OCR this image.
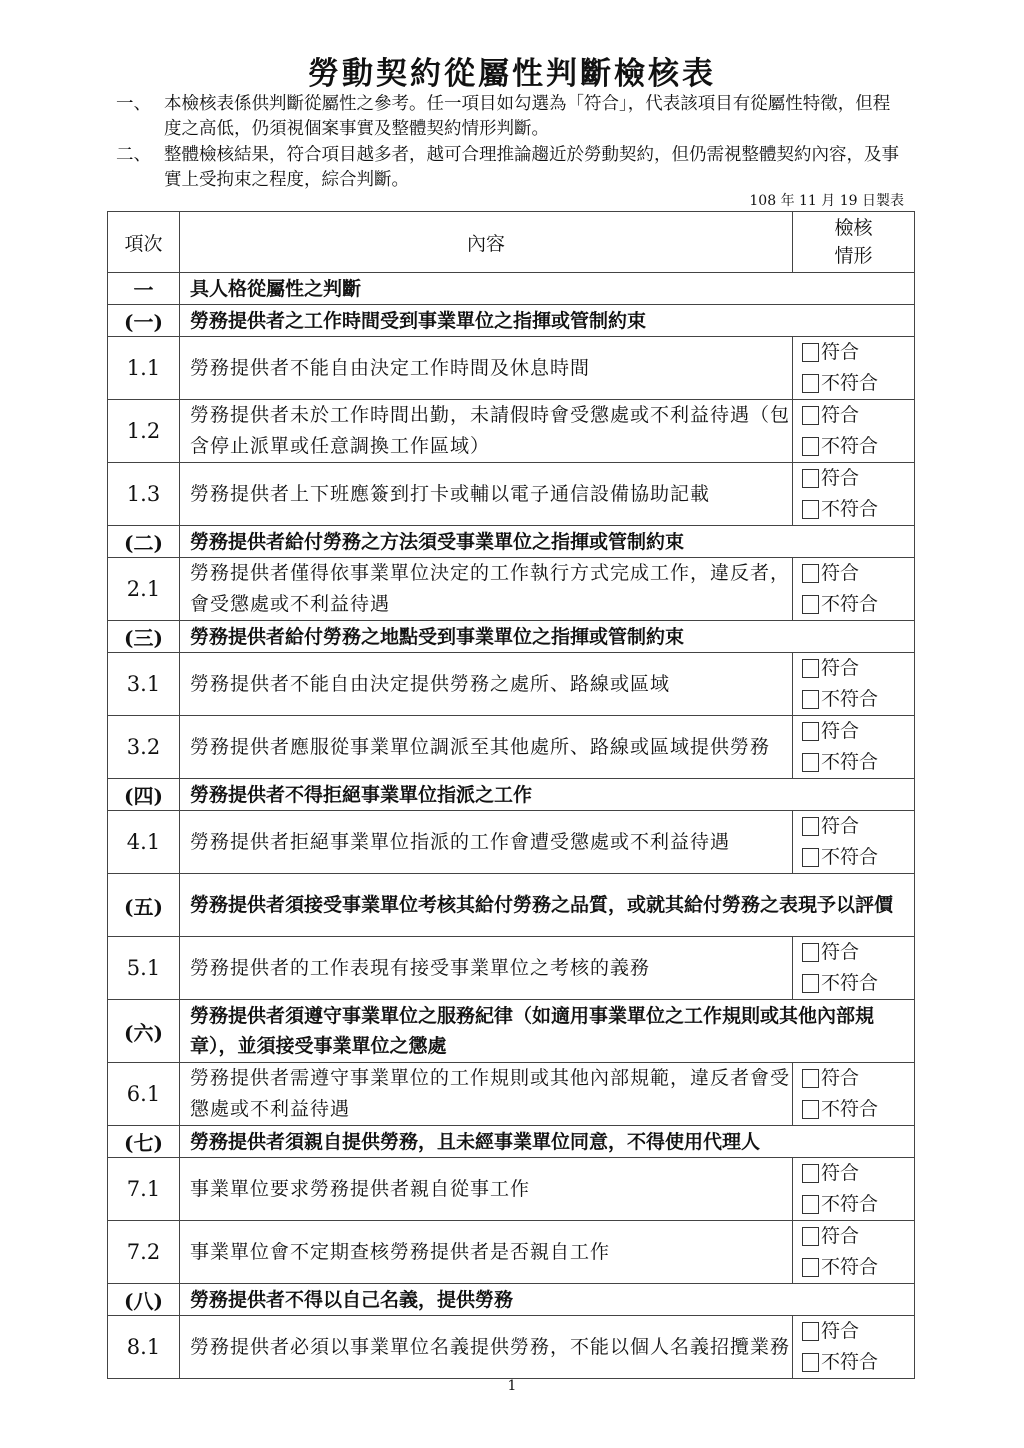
勞動契約從屬性判斷檢核表
一、 本檢核表係供判斷從屬性之參考。任一項目如勾選為「符合」，代表該項目有從屬性特徵，但程度之高低，仍須視個案事實及整體契約情形判斷。
二、 整體檢核結果，符合項目越多者，越可合理推論趨近於勞動契約，但仍需視整體契約內容，及事實上受拘束之程度，綜合判斷。
108 年 11 月 19 日製表
項次	內容	檢核
情形

一	具人格從屬性之判斷	
(一)	勞務提供者之工作時間受到事業單位之指揮或管制約束	
1.1	勞務提供者不能自由決定工作時間及休息時間	符合
不符合

1.2	勞務提供者未於工作時間出勤，未請假時會受懲處或不利益待遇（包含停止派單或任意調換工作區域）	符合
不符合

1.3	勞務提供者上下班應簽到打卡或輔以電子通信設備協助記載	符合
不符合

(二)	勞務提供者給付勞務之方法須受事業單位之指揮或管制約束	
2.1	勞務提供者僅得依事業單位決定的工作執行方式完成工作，違反者，會受懲處或不利益待遇	符合
不符合

(三)	勞務提供者給付勞務之地點受到事業單位之指揮或管制約束	
3.1	勞務提供者不能自由決定提供勞務之處所、路線或區域	符合
不符合

3.2	勞務提供者應服從事業單位調派至其他處所、路線或區域提供勞務	符合
不符合

(四)	勞務提供者不得拒絕事業單位指派之工作	
4.1	勞務提供者拒絕事業單位指派的工作會遭受懲處或不利益待遇	符合
不符合

(五)	勞務提供者須接受事業單位考核其給付勞務之品質，或就其給付勞務之表現予以評價	
5.1	勞務提供者的工作表現有接受事業單位之考核的義務	符合
不符合

(六)	勞務提供者須遵守事業單位之服務紀律（如適用事業單位之工作規則或其他內部規章），並須接受事業單位之懲處	
6.1	勞務提供者需遵守事業單位的工作規則或其他內部規範，違反者會受懲處或不利益待遇	符合
不符合

(七)	勞務提供者須親自提供勞務，且未經事業單位同意，不得使用代理人	
7.1	事業單位要求勞務提供者親自從事工作	符合
不符合

7.2	事業單位會不定期查核勞務提供者是否親自工作	符合
不符合

(八)	勞務提供者不得以自己名義，提供勞務	
8.1	勞務提供者必須以事業單位名義提供勞務，不能以個人名義招攬業務	符合
不符合
1
